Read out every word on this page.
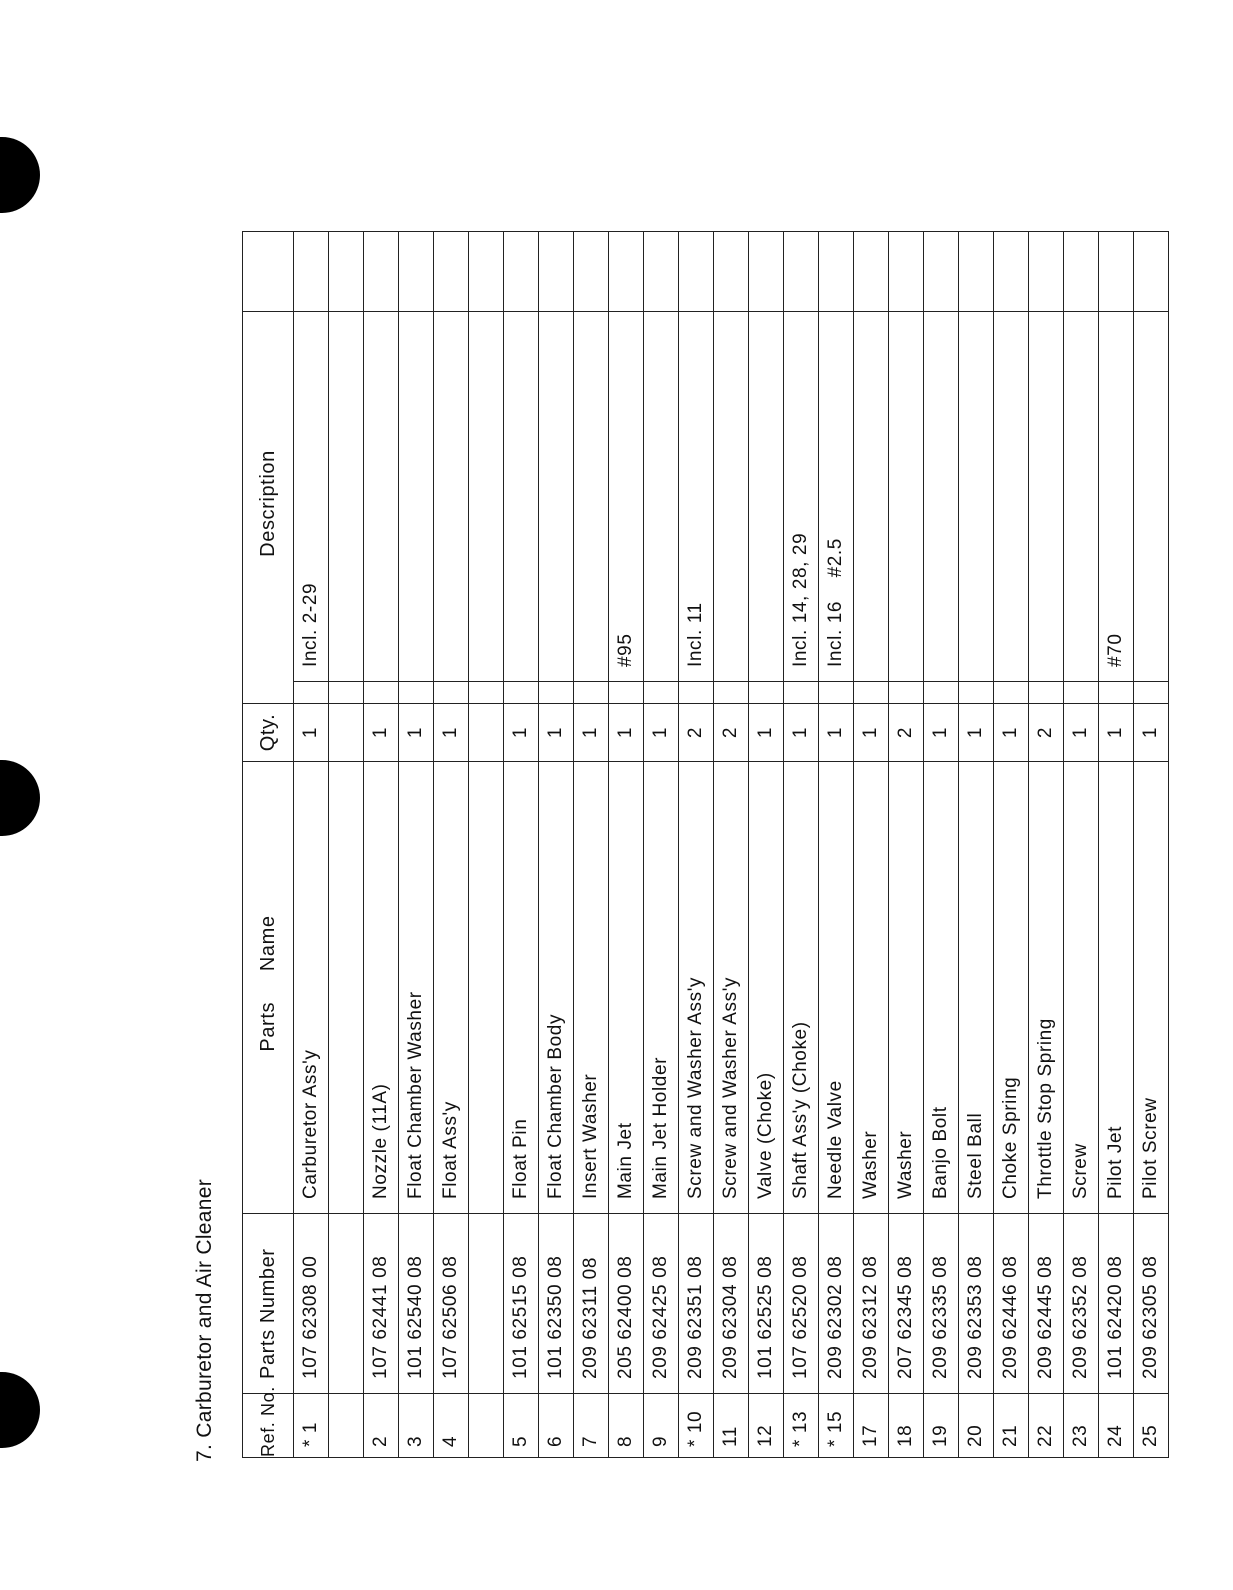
7. Carburetor and Air Cleaner	Ref. No.	Parts Number	Parts     Name	Qty.	Description		
* 1	107 62308 00	Carburetor Ass'y	1		Incl. 2-29	

2	107 62441 08	Nozzle (11A)	1			
3	101 62540 08	Float Chamber Washer	1			
4	107 62506 08	Float Ass'y	1			

5	101 62515 08	Float Pin	1			
6	101 62350 08	Float Chamber Body	1			
7	209 62311 08	Insert Washer	1			
8	205 62400 08	Main Jet	1		#95	
9	209 62425 08	Main Jet Holder	1			
* 10	209 62351 08	Screw and Washer Ass'y	2		Incl. 11	
11	209 62304 08	Screw and Washer Ass'y	2			
12	101 62525 08	Valve (Choke)	1			
* 13	107 62520 08	Shaft Ass'y (Choke)	1		Incl. 14, 28, 29	
* 15	209 62302 08	Needle Valve	1		Incl. 16    #2.5	
17	209 62312 08	Washer	1			
18	207 62345 08	Washer	2			
19	209 62335 08	Banjo Bolt	1			
20	209 62353 08	Steel Ball	1			
21	209 62446 08	Choke Spring	1			
22	209 62445 08	Throttle Stop Spring	2			
23	209 62352 08	Screw	1			
24	101 62420 08	Pilot Jet	1		#70	
25	209 62305 08	Pilot Screw	1			
